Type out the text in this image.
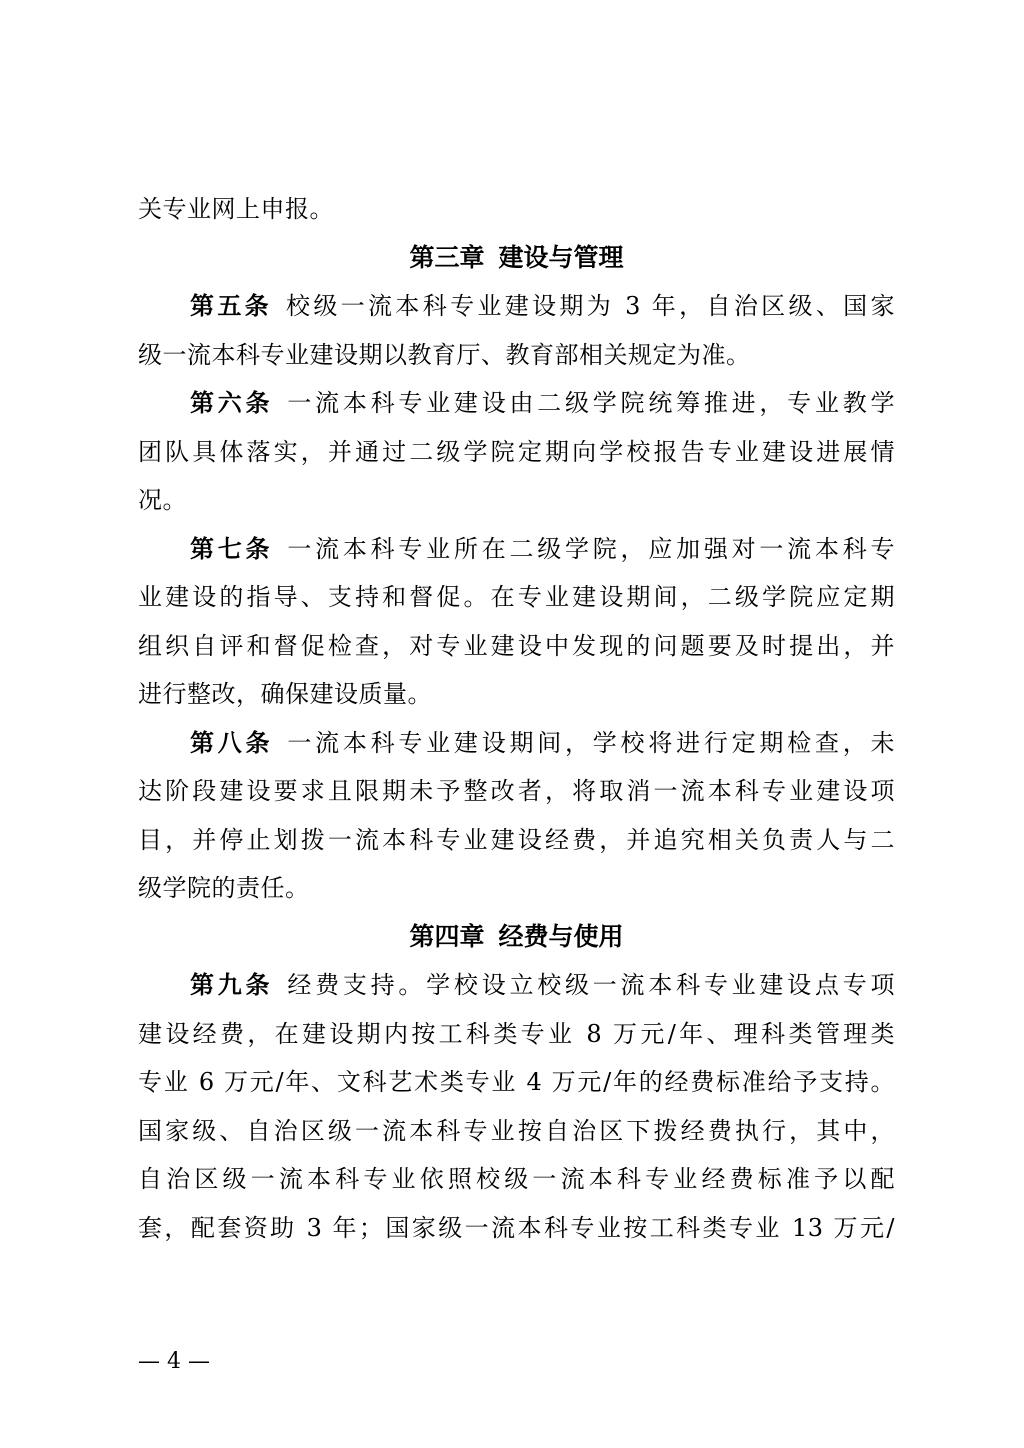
关专业网上申报。
第三章 建设与管理
第五条 校级一流本科专业建设期为 3 年，自治区级、国家
级一流本科专业建设期以教育厅、教育部相关规定为准。
第六条 一流本科专业建设由二级学院统筹推进，专业教学
团队具体落实，并通过二级学院定期向学校报告专业建设进展情
况。
第七条 一流本科专业所在二级学院，应加强对一流本科专
业建设的指导、支持和督促。在专业建设期间，二级学院应定期
组织自评和督促检查，对专业建设中发现的问题要及时提出，并
进行整改，确保建设质量。
第八条 一流本科专业建设期间，学校将进行定期检查，未
达阶段建设要求且限期未予整改者，将取消一流本科专业建设项
目，并停止划拨一流本科专业建设经费，并追究相关负责人与二
级学院的责任。
第四章 经费与使用
第九条 经费支持。学校设立校级一流本科专业建设点专项
建设经费，在建设期内按工科类专业 8 万元/年、理科类管理类
专业 6 万元/年、文科艺术类专业 4 万元/年的经费标准给予支持。
国家级、自治区级一流本科专业按自治区下拨经费执行，其中，
自治区级一流本科专业依照校级一流本科专业经费标准予以配
套，配套资助 3 年；国家级一流本科专业按工科类专业 13 万元/
— 4 —
